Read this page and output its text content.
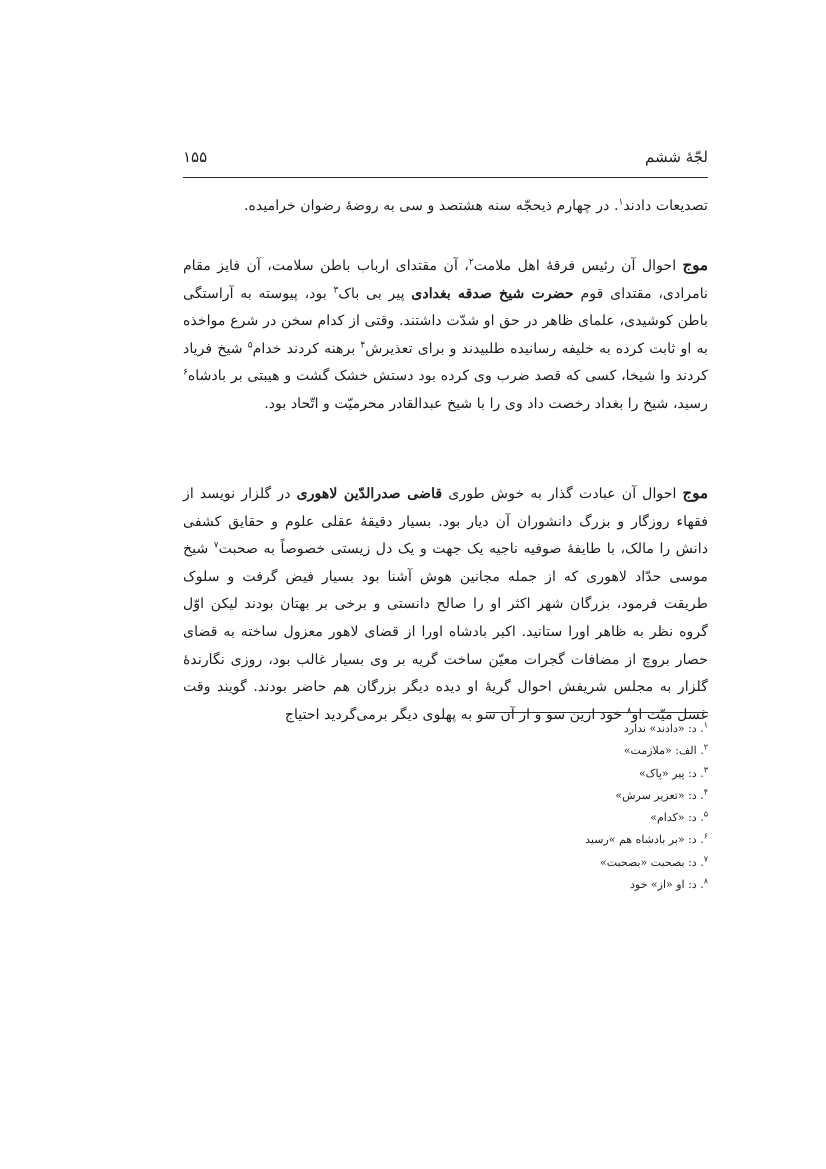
لجّهٔ ششم
۱۵۵

تصدیعات دادند$^۱$. در چهارم ذیحجّه سنه هشتصد و سی به روضهٔ رضوان خرامیده.

موج احوال آن رئیس فرقهٔ اهل ملامت$^۲$، آن مقتدای ارباب باطن سلامت، آن فایز مقام نامرادی، مقتدای قوم حضرت شیخ صدقه بغدادی پیر بی باک$^۳$ بود، پیوسته به آراستگی باطن کوشیدی، علمای ظاهر در حق او شدّت داشتند. وقتی از کدام سخن در شرع مواخذه به او ثابت کرده به خلیفه رسانیده طلبیدند و برای تعذیرش$^۴$ برهنه کردند خدام$^۵$ شیخ فریاد کردند وا شیخا، کسی که قصد ضرب وی کرده بود دستش خشک گشت و هیبتی بر بادشاه$^۶$ رسید، شیخ را بغداد رخصت داد وی را با شیخ عبدالقادر محرمیّت و اتّحاد بود.

موج احوال آن عبادت گذار به خوش طوری قاضی صدرالدّین لاهوری در گلزار نویسد از فقهاء روزگار و بزرگ دانشوران آن دیار بود. بسیار دقیقهٔ عقلی علوم و حقایق کشفی دانش را مالک، با طایفهٔ صوفیه ناجیه یک جهت و یک دل زیستی خصوصاً به صحبت$^۷$ شیخ موسی حدّاد لاهوری که از جمله مجانین هوش آشنا بود بسیار فیض گرفت و سلوک طریقت فرمود، بزرگان شهر اکثر او را صالح دانستی و برخی بر بهتان بودند لیکن اوّل گروه نظر به ظاهر اورا ستانید. اکبر بادشاه اورا از قضای لاهور معزول ساخته به قضای حصار بروچ از مضافات گجرات معیّن ساخت گریه بر وی بسیار غالب بود، روزی نگارندهٔ گلزار به مجلس شریفش احوال گریهٔ او دیده دیگر بزرگان هم حاضر بودند. گویند وقت غسل میّت او$^۸$ خود ازین سو و از آن سو به پهلوی دیگر برمی‌گردید احتیاج

$^۱$. د: «دادند» ندارد
$^۲$. الف: «ملازمت»
$^۳$. د: پیر «پاک»
$^۴$. د: «تعزیر سرش»
$^۵$. د: «کدام»
$^۶$. د: «بر بادشاه هم »رسید
$^۷$. د: بصحبت «بصحبت»
$^۸$. د: او «از» خود
